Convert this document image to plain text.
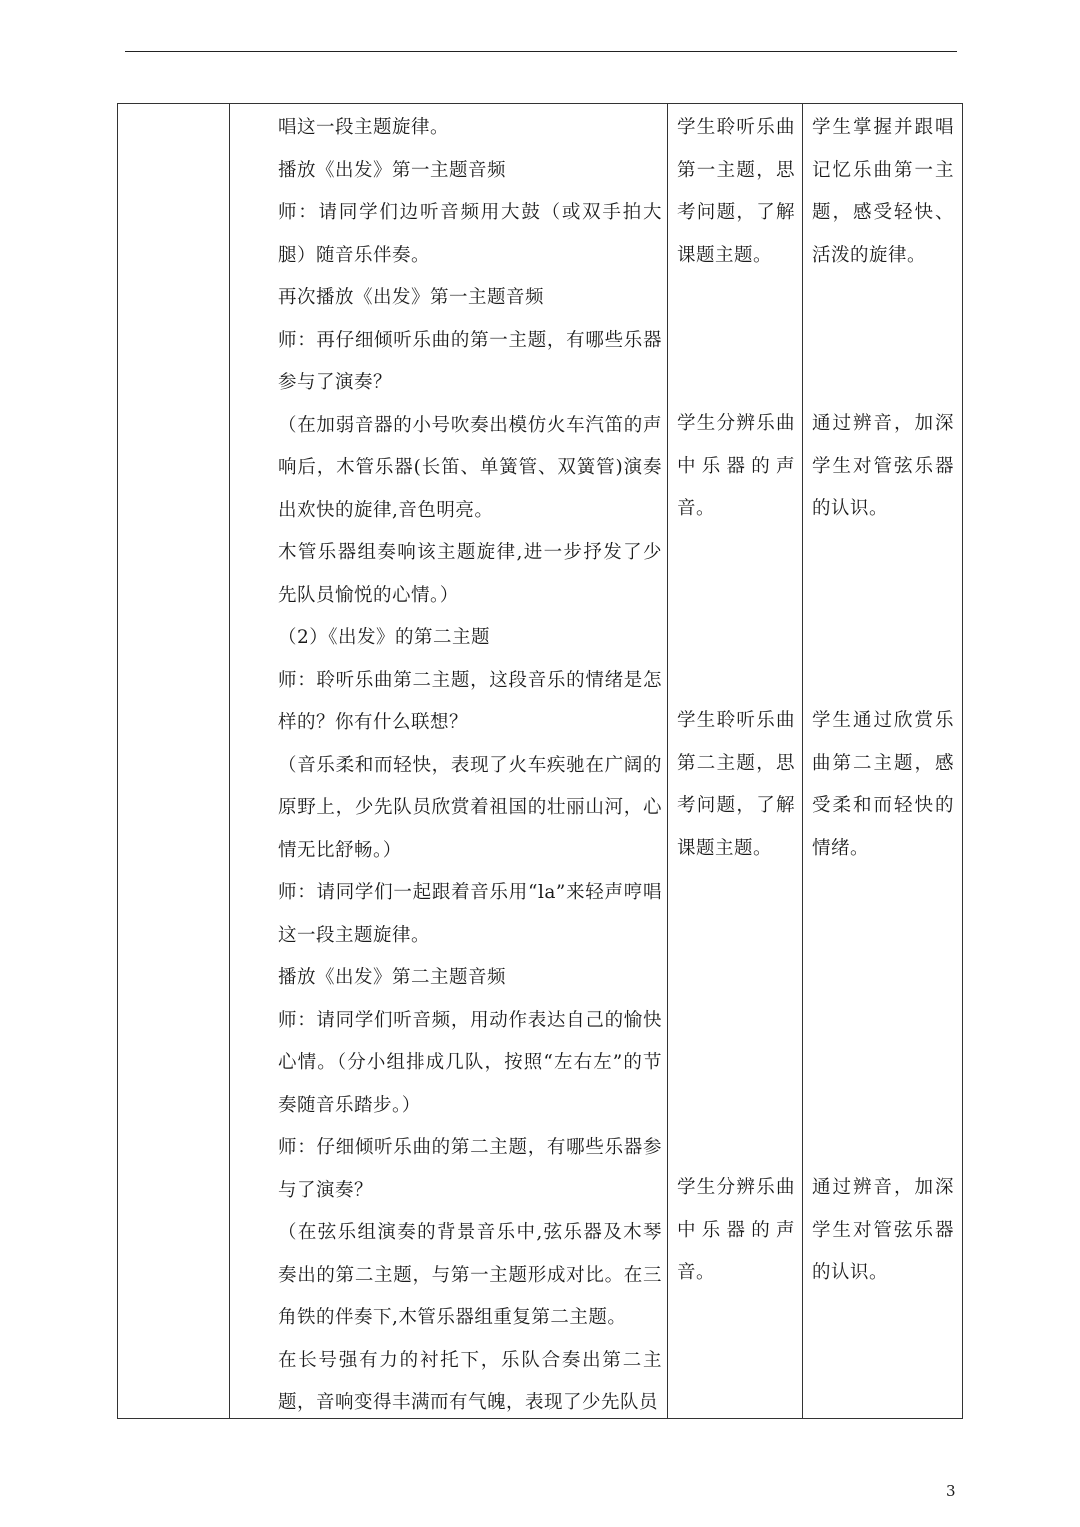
唱这一段主题旋律。

播放《出发》第一主题音频

师：请同学们边听音频用大鼓（或双手拍大腿）随音乐伴奏。

再次播放《出发》第一主题音频

师：再仔细倾听乐曲的第一主题，有哪些乐器参与了演奏？

（在加弱音器的小号吹奏出模仿火车汽笛的声响后，木管乐器(长笛、单簧管、双簧管)演奏出欢快的旋律,音色明亮。

木管乐器组奏响该主题旋律,进一步抒发了少先队员愉悦的心情。）

（2）《出发》的第二主题

师：聆听乐曲第二主题，这段音乐的情绪是怎样的？你有什么联想？

（音乐柔和而轻快，表现了火车疾驰在广阔的原野上，少先队员欣赏着祖国的壮丽山河，心情无比舒畅。）

师：请同学们一起跟着音乐用“la”来轻声哼唱这一段主题旋律。

播放《出发》第二主题音频

师：请同学们听音频，用动作表达自己的愉快心情。（分小组排成几队，按照“左右左”的节奏随音乐踏步。）

师：仔细倾听乐曲的第二主题，有哪些乐器参与了演奏？

（在弦乐组演奏的背景音乐中,弦乐器及木琴奏出的第二主题，与第一主题形成对比。在三角铁的伴奏下,木管乐器组重复第二主题。

在长号强有力的衬托下，乐队合奏出第二主题，音响变得丰满而有气魄，表现了少先队员

学生聆听乐曲第一主题，思考问题，了解课题主题。

学生分辨乐曲中乐器的声音。

学生聆听乐曲第二主题，思考问题，了解课题主题。

学生分辨乐曲中乐器的声音。

学生掌握并跟唱记忆乐曲第一主题，感受轻快、活泼的旋律。

通过辨音，加深学生对管弦乐器的认识。

学生通过欣赏乐曲第二主题，感受柔和而轻快的情绪。

通过辨音，加深学生对管弦乐器的认识。

3
